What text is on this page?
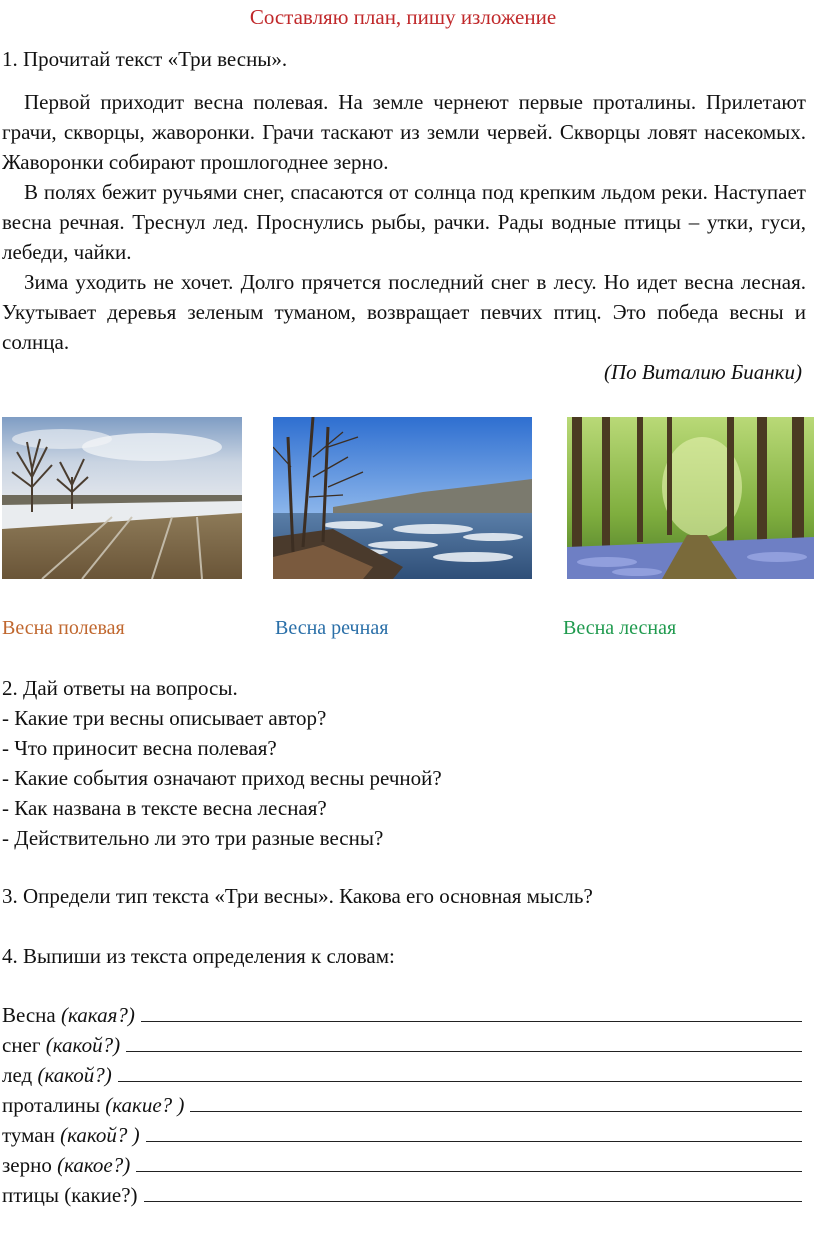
Составляю план, пишу изложение
1. Прочитай текст «Три весны».

Первой приходит весна полевая. На земле чернеют первые проталины. Прилетают грачи, скворцы, жаворонки. Грачи таскают из земли червей. Скворцы ловят насекомых. Жаворонки собирают прошлогоднее зерно.

В полях бежит ручьями снег, спасаются от солнца под крепким льдом реки. Наступает весна речная. Треснул лед. Проснулись рыбы, рачки. Рады водные птицы – утки, гуси, лебеди, чайки.

Зима уходить не хочет. Долго прячется последний снег в лесу. Но идет весна лесная. Укутывает деревья зеленым туманом, возвращает певчих птиц. Это победа весны и солнца.

(По Виталию Бианки)
Весна полевая	Весна речная	Весна лесная
2. Дай ответы на вопросы.
- Какие три весны описывает автор?
- Что приносит весна полевая?
- Какие события означают приход весны речной?
- Как названа в тексте весна лесная?
- Действительно ли это три разные весны?
3. Определи тип текста «Три весны». Какова его основная мысль?
4. Выпиши из текста определения к словам:
Весна (какая?)
снег (какой?)
лед (какой?)
проталины (какие? )
туман (какой? )
зерно (какое?)
птицы (какие?)
